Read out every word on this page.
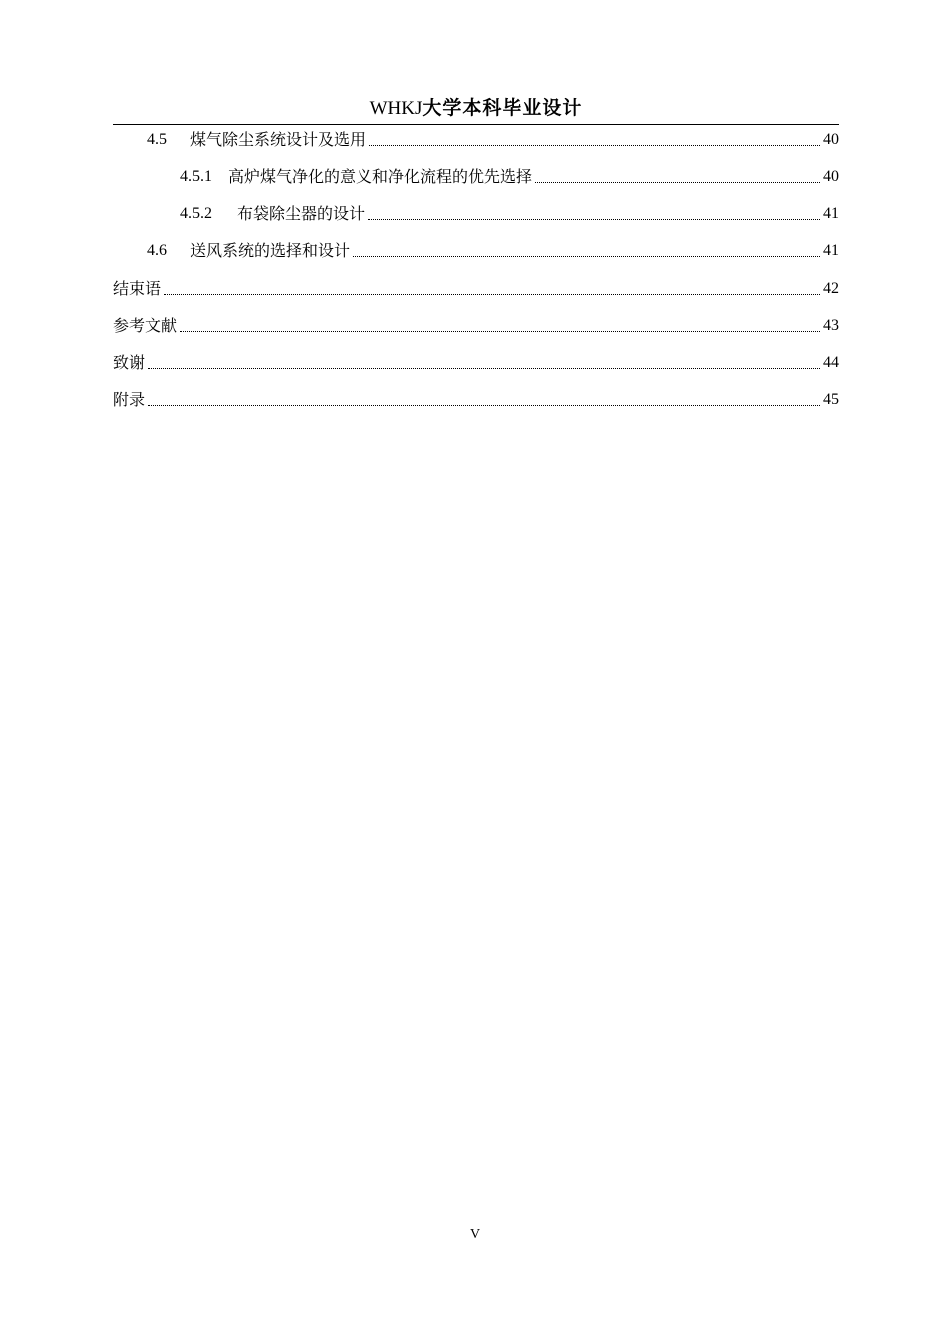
WHKJ大学本科毕业设计
4.5	煤气除尘系统设计及选用	40
4.5.1	高炉煤气净化的意义和净化流程的优先选择	40
4.5.2	布袋除尘器的设计	41
4.6	送风系统的选择和设计	41
结束语	42
参考文献	43
致谢	44
附录	45
V
